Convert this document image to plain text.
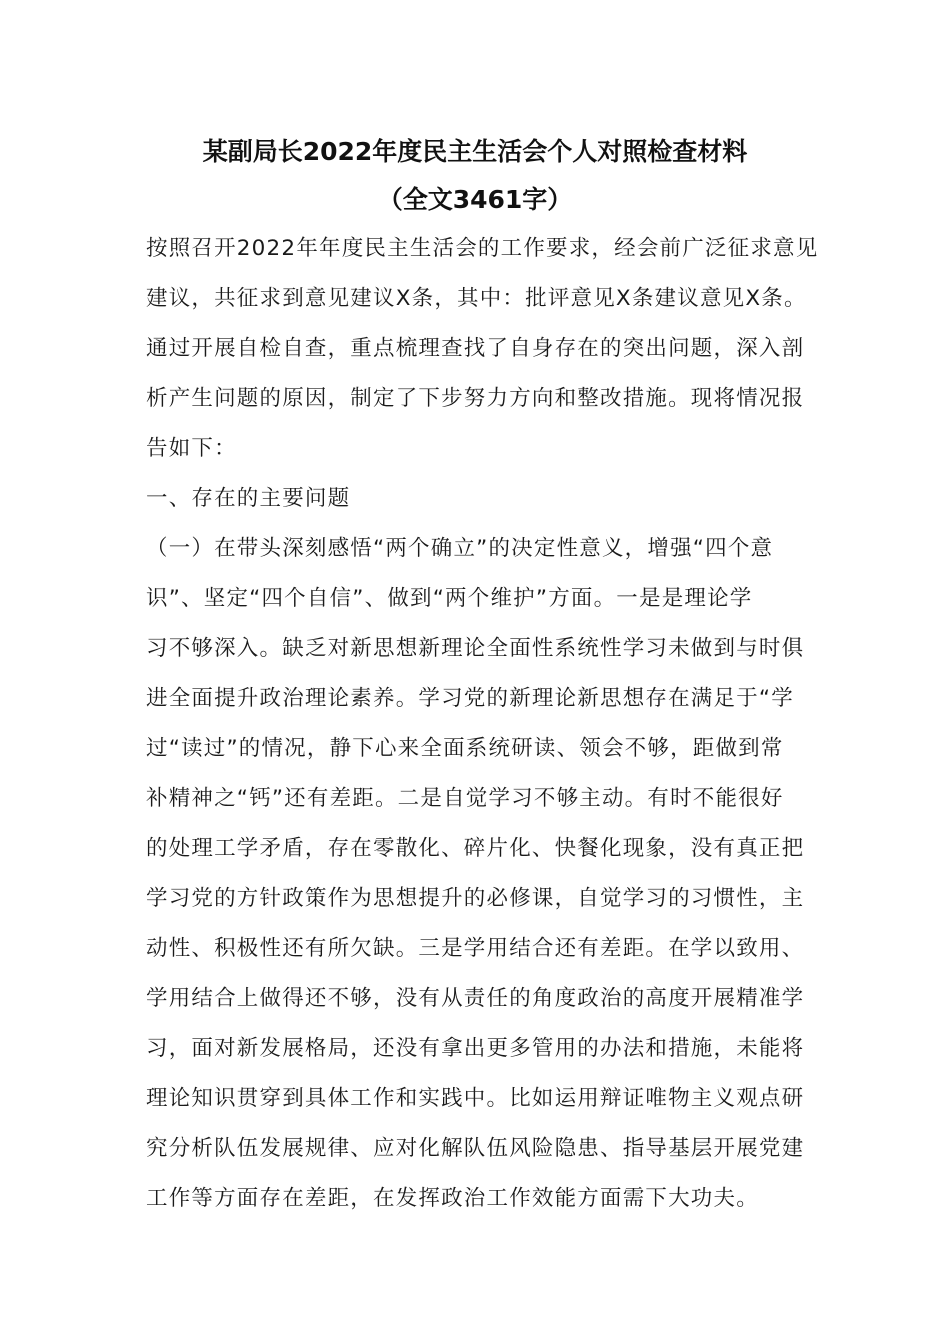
某副局长2022年度民主生活会个人对照检查材料
（全文3461字）
按照召开2022年年度民主生活会的工作要求，经会前广泛征求意见
建议，共征求到意见建议X条，其中：批评意见X条建议意见X条。
通过开展自检自查，重点梳理查找了自身存在的突出问题，深入剖
析产生问题的原因，制定了下步努力方向和整改措施。现将情况报
告如下：
一、存在的主要问题
（一）在带头深刻感悟“两个确立”的决定性意义，增强“四个意
识”、坚定“四个自信”、做到“两个维护”方面。一是是理论学
习不够深入。缺乏对新思想新理论全面性系统性学习未做到与时俱
进全面提升政治理论素养。学习党的新理论新思想存在满足于“学
过“读过”的情况，静下心来全面系统研读、领会不够，距做到常
补精神之“钙”还有差距。二是自觉学习不够主动。有时不能很好
的处理工学矛盾，存在零散化、碎片化、快餐化现象，没有真正把
学习党的方针政策作为思想提升的必修课，自觉学习的习惯性，主
动性、积极性还有所欠缺。三是学用结合还有差距。在学以致用、
学用结合上做得还不够，没有从责任的角度政治的高度开展精准学
习，面对新发展格局，还没有拿出更多管用的办法和措施，未能将
理论知识贯穿到具体工作和实践中。比如运用辩证唯物主义观点研
究分析队伍发展规律、应对化解队伍风险隐患、指导基层开展党建
工作等方面存在差距，在发挥政治工作效能方面需下大功夫。
